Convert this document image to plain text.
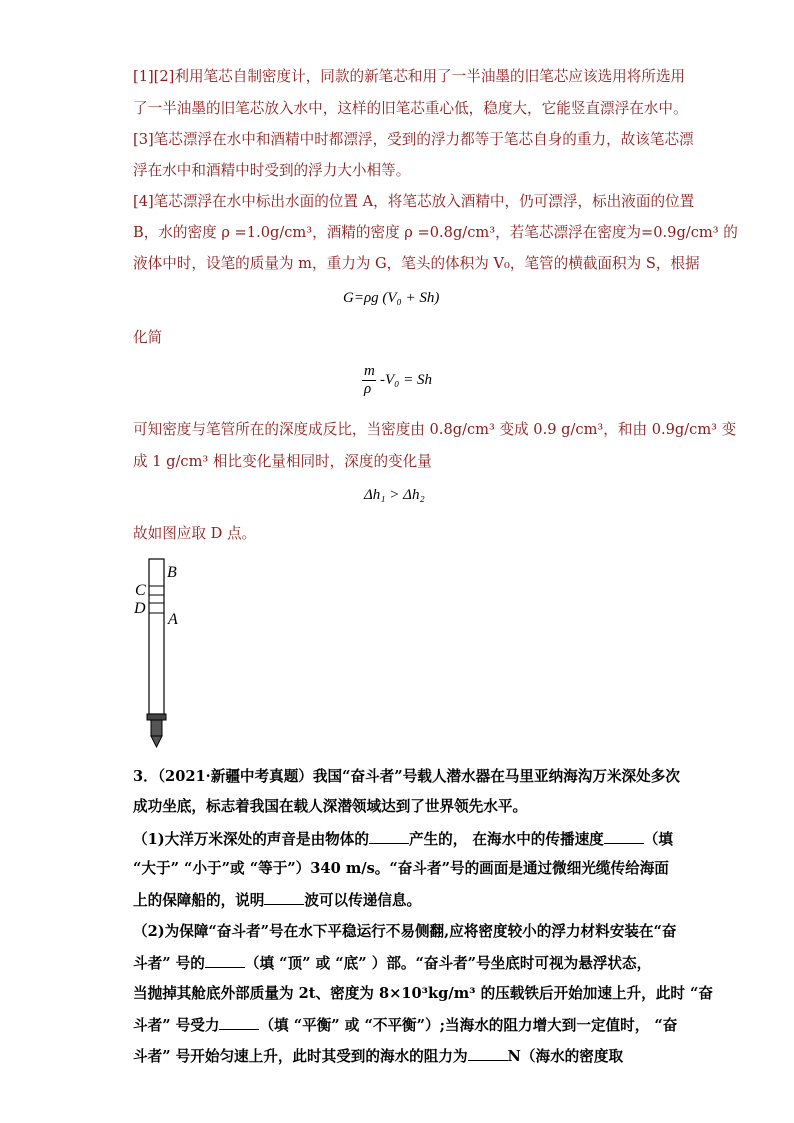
[1][2]利用笔芯自制密度计，同款的新笔芯和用了一半油墨的旧笔芯应该选用将所选用
了一半油墨的旧笔芯放入水中，这样的旧笔芯重心低，稳度大，它能竖直漂浮在水中。
[3]笔芯漂浮在水中和酒精中时都漂浮，受到的浮力都等于笔芯自身的重力，故该笔芯漂
浮在水中和酒精中时受到的浮力大小相等。
[4]笔芯漂浮在水中标出水面的位置 A，将笔芯放入酒精中，仍可漂浮，标出液面的位置
B，水的密度 ρ =1.0g/cm³，酒精的密度 ρ =0.8g/cm³，若笔芯漂浮在密度为=0.9g/cm³ 的
液体中时，设笔的质量为 m，重力为 G，笔头的体积为 V₀，笔管的横截面积为 S，根据
G=ρg (V₀ + Sh)
化简
m
ρ
-V₀ = Sh
可知密度与笔管所在的深度成反比，当密度由 0.8g/cm³ 变成 0.9 g/cm³，和由 0.9g/cm³ 变
成 1 g/cm³ 相比变化量相同时，深度的变化量
Δh₁ > Δh₂
故如图应取 D 点。
B
C
D
A
3．（2021·新疆中考真题）我国“奋斗者”号载人潜水器在马里亚纳海沟万米深处多次
成功坐底，标志着我国在载人深潜领域达到了世界领先水平。
（1)大洋万米深处的声音是由物体的	产生的， 在海水中的传播速度	（填
“大于” “小于”或 “等于”）340 m/s。“奋斗者”号的画面是通过微细光缆传给海面
上的保障船的，说明	波可以传递信息。
（2)为保障“奋斗者”号在水下平稳运行不易侧翻,应将密度较小的浮力材料安装在“奋
斗者” 号的	（填 “顶” 或 “底” ）部。“奋斗者”号坐底时可视为悬浮状态，
当抛掉其舱底外部质量为 2t、密度为 8×10³kg/m³ 的压载铁后开始加速上升，此时 “奋
斗者” 号受力	（填 “平衡” 或 “不平衡”）;当海水的阻力增大到一定值时， “奋
斗者” 号开始匀速上升，此时其受到的海水的阻力为	N（海水的密度取
